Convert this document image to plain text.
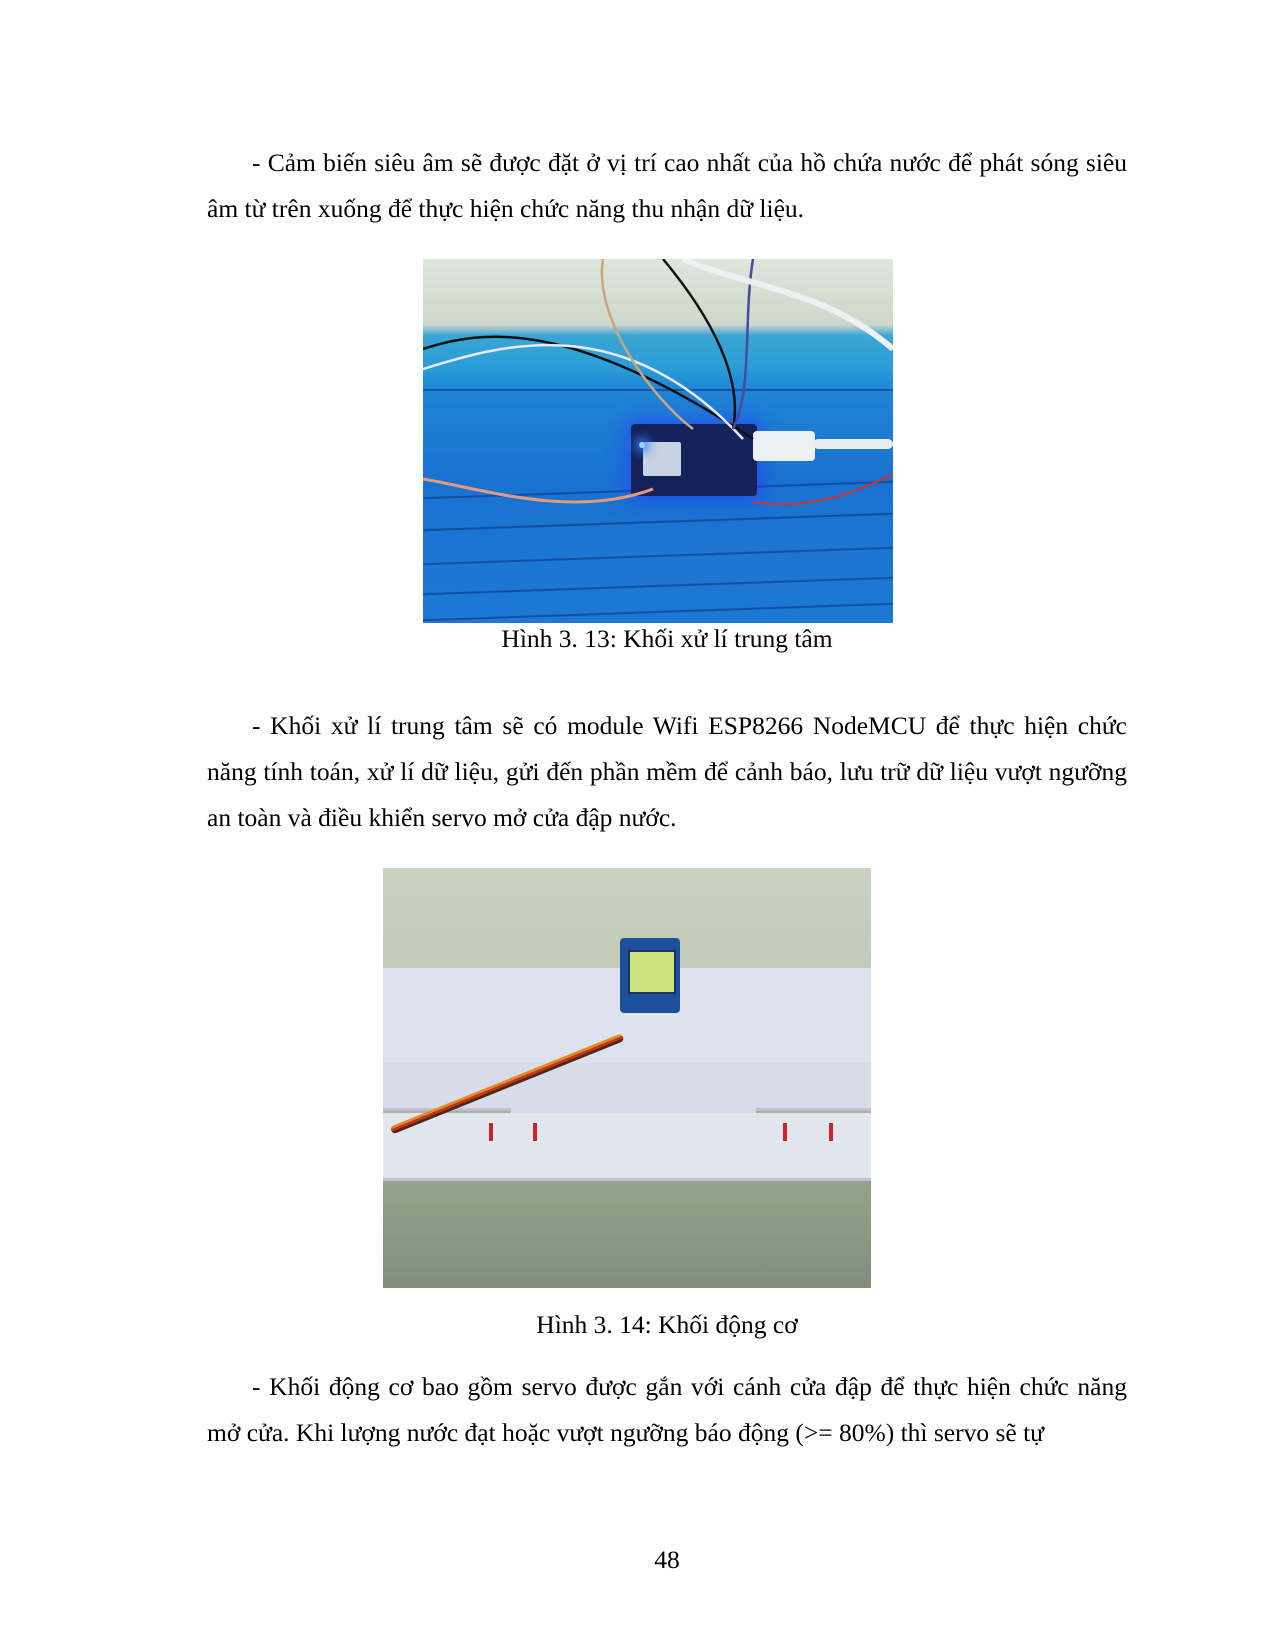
- Cảm biến siêu âm sẽ được đặt ở vị trí cao nhất của hồ chứa nước để phát sóng siêu âm từ trên xuống để thực hiện chức năng thu nhận dữ liệu.

Hình 3. 13: Khối xử lí trung tâm

- Khối xử lí trung tâm sẽ có module Wifi ESP8266 NodeMCU để thực hiện chức năng tính toán, xử lí dữ liệu, gửi đến phần mềm để cảnh báo, lưu trữ dữ liệu vượt ngưỡng an toàn và điều khiển servo mở cửa đập nước.

Hình 3. 14: Khối động cơ

- Khối động cơ bao gồm servo được gắn với cánh cửa đập để thực hiện chức năng mở cửa. Khi lượng nước đạt hoặc vượt ngưỡng báo động (>= 80%) thì servo sẽ tự

48
